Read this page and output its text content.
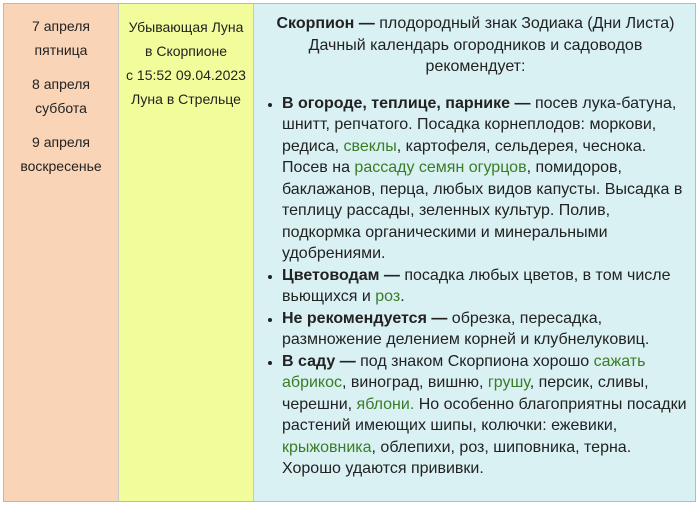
7 апреля
пятница
8 апреля
суббота
9 апреля
воскресенье
Убывающая Луна
в Скорпионе
с 15:52 09.04.2023
Луна в Стрельце
Скорпион — плодородный знак Зодиака (Дни Листа)
Дачный календарь огородников и садоводов рекомендует:
• В огороде, теплице, парнике — посев лука-батуна, шнитт, репчатого. Посадка корнеплодов: моркови, редиса, свеклы, картофеля, сельдерея, чеснока. Посев на рассаду семян огурцов, помидоров, баклажанов, перца, любых видов капусты. Высадка в теплицу рассады, зеленных культур. Полив, подкормка органическими и минеральными удобрениями.
• Цветоводам — посадка любых цветов, в том числе вьющихся и роз.
• Не рекомендуется — обрезка, пересадка, размножение делением корней и клубнелуковиц.
• В саду — под знаком Скорпиона хорошо сажать абрикос, виноград, вишню, грушу, персик, сливы, черешни, яблони. Но особенно благоприятны посадки растений имеющих шипы, колючки: ежевики, крыжовника, облепихи, роз, шиповника, терна. Хорошо удаются прививки.
